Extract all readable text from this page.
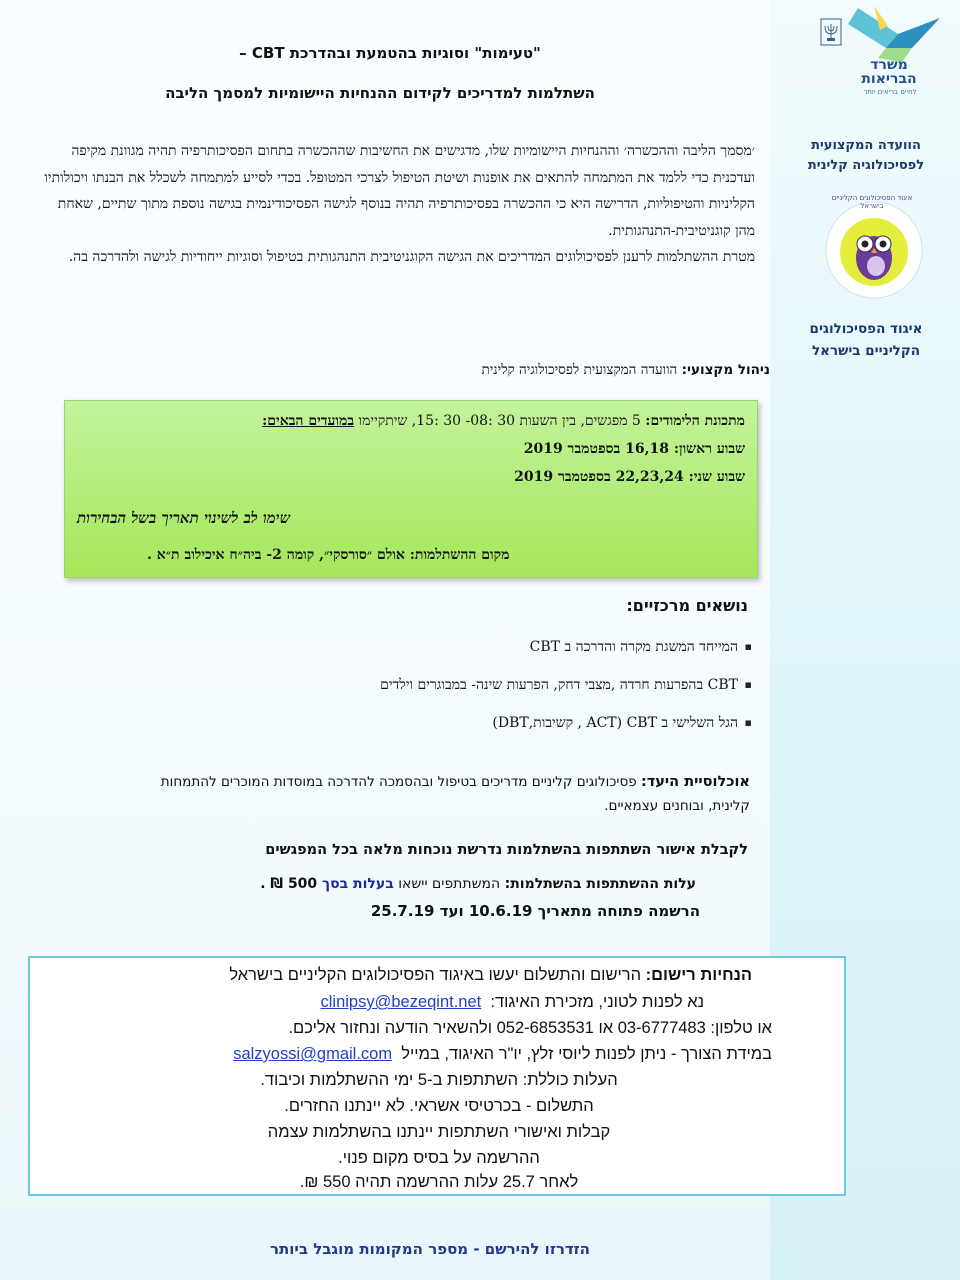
משרד הבריאות
לחיים בריאים יותר
הוועדה המקצועית
לפסיכולוגיה קלינית
איגוד הפסיכולוגים הקליניים בישראל
איגוד הפסיכולוגים
הקליניים בישראל
"טעימות" וסוגיות בהטמעת ובהדרכת CBT –
השתלמות למדריכים לקידום ההנחיות היישומיות למסמך הליבה

׳מסמך הליבה וההכשרה׳ וההנחיות היישומיות שלו, מדגישים את החשיבות שההכשרה בתחום הפסיכותרפיה תהיה מגוונת מקיפה ועדכנית כדי ללמד את המתמחה להתאים את אופנות ושיטת הטיפול לצרכי המטופל. בכדי לסייע למתמחה לשכלל את הבנתו ויכולותיו הקליניות והטיפוליות, הדרישה היא כי ההכשרה בפסיכותרפיה תהיה בנוסף לגישה הפסיכודינמית בגישה נוספת מתוך שתיים, שאחת מהן קוגניטיבית-התנהגותית.

מטרת ההשתלמות לרענן לפסיכולוגים המדריכים את הגישה הקוגניטיבית התנהגותית בטיפול וסוגיות ייחודיות לגישה ולהדרכה בה.

ניהול מקצועי: הוועדה המקצועית לפסיכולוגיה קלינית
מתכונת הלימודים: 5 מפגשים, בין השעות 30 :08- 30 :15, שיתקיימו במועדים הבאים:
שבוע ראשון: 16,18 בספטמבר 2019
שבוע שני: 22,23,24 בספטמבר 2019
שימו לב לשינוי תאריך בשל הבחירות
מקום ההשתלמות: אולם ״סורסקי״, קומה 2- ביה״ח איכילוב ת״א .
נושאים מרכזיים:
▪ המייחד המשגת מקרה והדרכה ב CBT
▪ CBT בהפרעות חרדה ,מצבי דחק, הפרעות שינה- במבוגרים וילדים
▪ הגל השלישי ב CBT (ACT , קשיבות,DBT)
אוכלוסיית היעד: פסיכולוגים קליניים מדריכים בטיפול ובהסמכה להדרכה במוסדות המוכרים להתמחות קלינית, ובוחנים עצמאיים.
לקבלת אישור השתתפות בהשתלמות נדרשת נוכחות מלאה בכל המפגשים
עלות ההשתתפות בהשתלמות: המשתתפים יישאו בעלות בסך 500 ₪ .
הרשמה פתוחה מתאריך 10.6.19 ועד 25.7.19
הנחיות רישום: הרישום והתשלום יעשו באיגוד הפסיכולוגים הקליניים בישראל
נא לפנות לטוני, מזכירת האיגוד:  clinipsy@bezeqint.net
או טלפון: 03-6777483 או 052-6853531 ולהשאיר הודעה ונחזור אליכם.
במידת הצורך - ניתן לפנות ליוסי זלץ, יו"ר האיגוד, במייל  salzyossi@gmail.com
העלות כוללת: השתתפות ב-5 ימי ההשתלמות וכיבוד.
התשלום - בכרטיסי אשראי. לא יינתנו החזרים.
קבלות ואישורי השתתפות יינתנו בהשתלמות עצמה
ההרשמה על בסיס מקום פנוי.
לאחר 25.7 עלות ההרשמה תהיה 550 ₪.
הזדרזו להירשם - מספר המקומות מוגבל ביותר
